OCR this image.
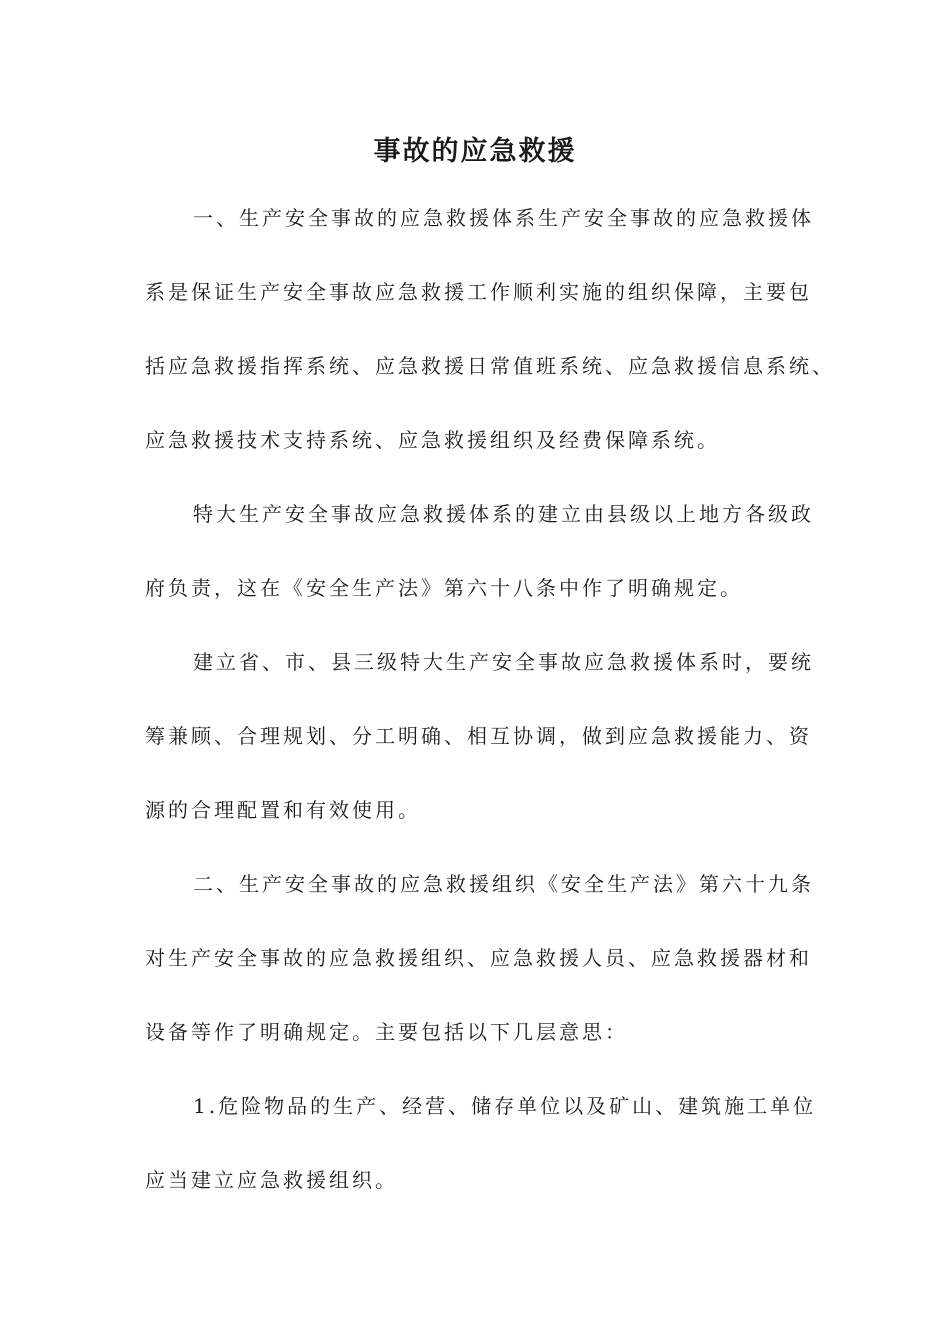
事故的应急救援

一、生产安全事故的应急救援体系生产安全事故的应急救援体
系是保证生产安全事故应急救援工作顺利实施的组织保障，主要包
括应急救援指挥系统、应急救援日常值班系统、应急救援信息系统、
应急救援技术支持系统、应急救援组织及经费保障系统。

特大生产安全事故应急救援体系的建立由县级以上地方各级政
府负责，这在《安全生产法》第六十八条中作了明确规定。

建立省、市、县三级特大生产安全事故应急救援体系时，要统
筹兼顾、合理规划、分工明确、相互协调，做到应急救援能力、资
源的合理配置和有效使用。

二、生产安全事故的应急救援组织《安全生产法》第六十九条
对生产安全事故的应急救援组织、应急救援人员、应急救援器材和
设备等作了明确规定。主要包括以下几层意思：

1.危险物品的生产、经营、储存单位以及矿山、建筑施工单位
应当建立应急救援组织。
